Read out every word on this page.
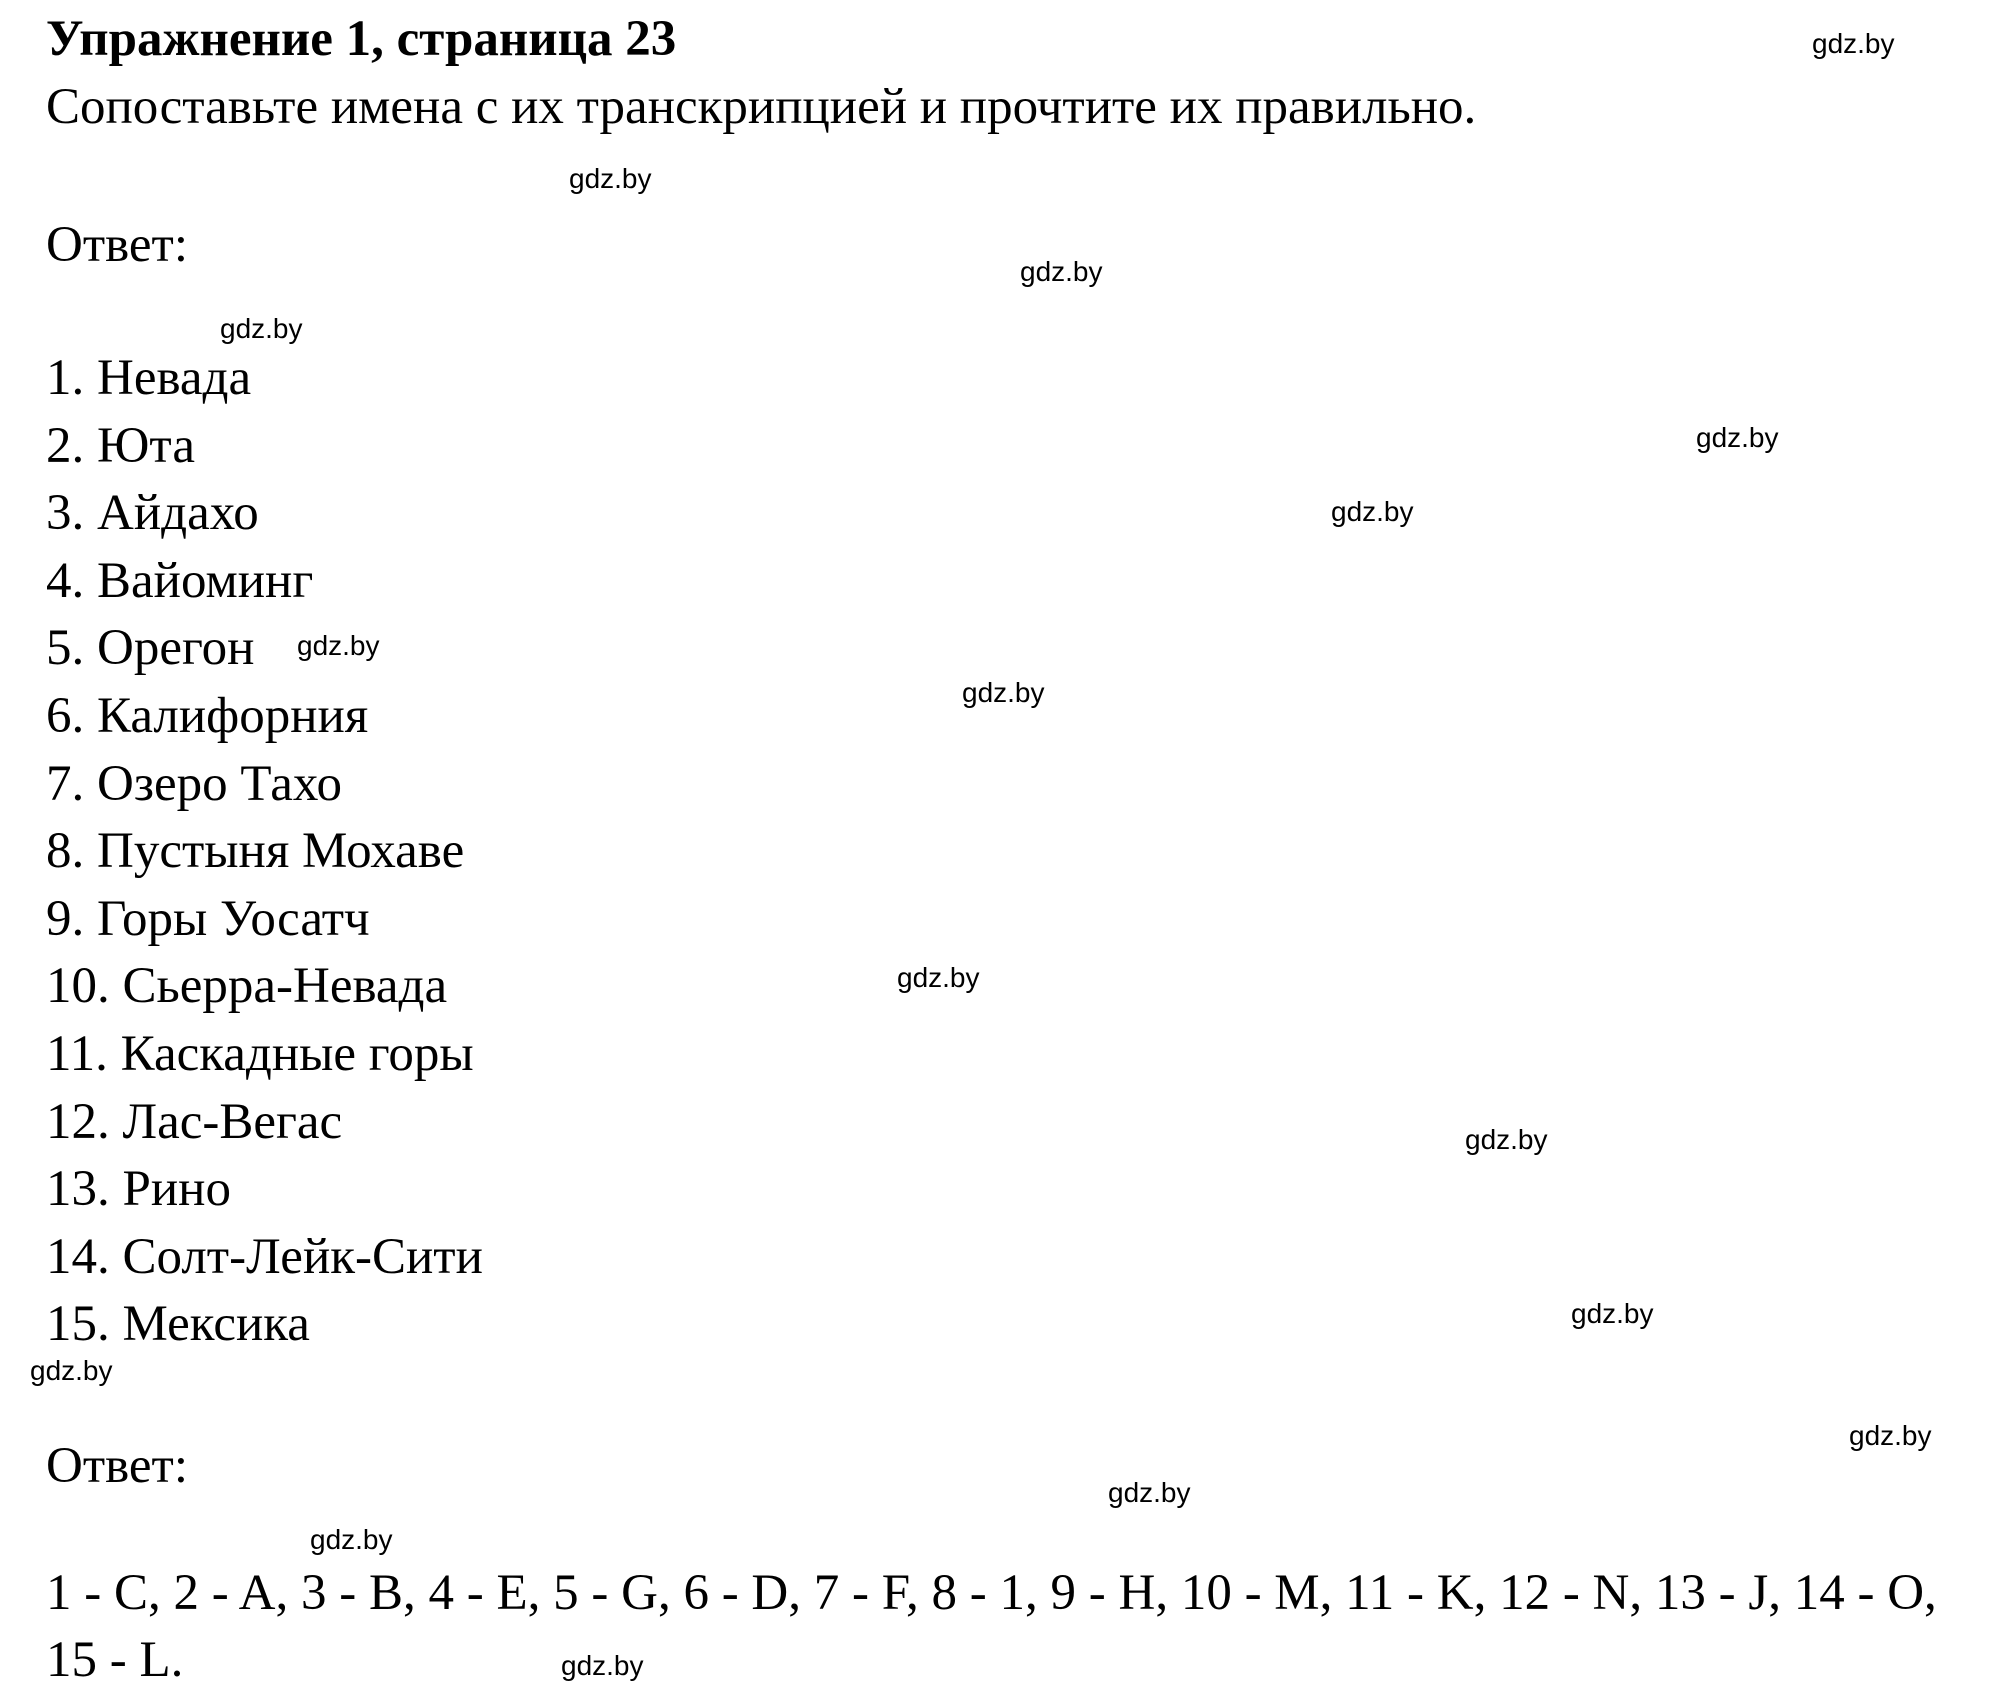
Упражнение 1, страница 23
Сопоставьте имена с их транскрипцией и прочтите их правильно.
Ответ:
1. Невада
2. Юта
3. Айдахо
4. Вайоминг
5. Орегон
6. Калифорния
7. Озеро Тахо
8. Пустыня Мохаве
9. Горы Уосатч
10. Сьерра-Невада
11. Каскадные горы
12. Лас-Вегас
13. Рино
14. Солт-Лейк-Сити
15. Мексика
Ответ:
1 - C, 2 - A, 3 - B, 4 - E, 5 - G, 6 - D, 7 - F, 8 - 1, 9 - H, 10 - M, 11 - K, 12 - N, 13 - J, 14 - O, 15 - L.
gdz.by
gdz.by
gdz.by
gdz.by
gdz.by
gdz.by
gdz.by
gdz.by
gdz.by
gdz.by
gdz.by
gdz.by
gdz.by
gdz.by
gdz.by
gdz.by
